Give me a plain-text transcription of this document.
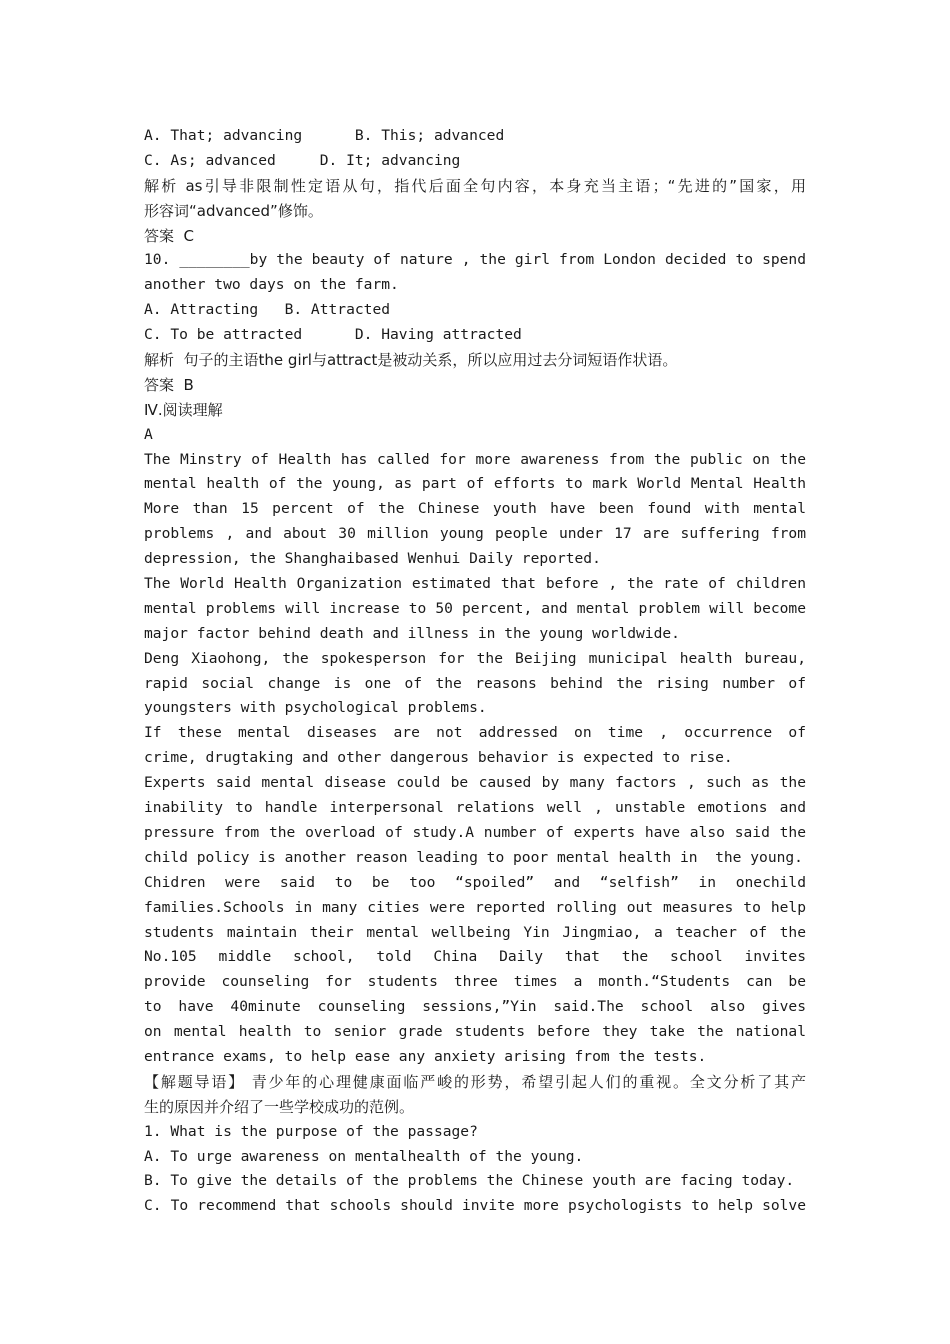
A. That; advancing      B. This; advanced
C. As; advanced     D. It; advancing
解析 as引导非限制性定语从句，指代后面全句内容，本身充当主语；“先进的”国家，用
形容词“advanced”修饰。
答案  C
10. ________by the beauty of nature , the girl from London decided to spend
another two days on the farm.
A. Attracting   B. Attracted
C. To be attracted      D. Having attracted
解析  句子的主语the girl与attract是被动关系，所以应用过去分词短语作状语。
答案  B
Ⅳ.阅读理解
A
The Minstry of Health has called for more awareness from the public on the
mental health of the young, as part of efforts to mark World Mental Health
More than 15 percent of the Chinese youth have been found with mental
problems , and about 30 million young people under 17 are suffering from
depression, the Shanghaibased Wenhui Daily reported.
The World Health Organization estimated that before , the rate of children
mental problems will increase to 50 percent, and mental problem will become
major factor behind death and illness in the young worldwide.
Deng Xiaohong, the spokesperson for the Beijing municipal health bureau,
rapid social change is one of the reasons behind the rising number of
youngsters with psychological problems.
If these mental diseases are not addressed on time , occurrence of
crime, drugtaking and other dangerous behavior is expected to rise.
Experts said mental disease could be caused by many factors , such as the
inability to handle interpersonal relations well , unstable emotions and
pressure from the overload of study.A number of experts have also said the
child policy is another reason leading to poor mental health in  the young.
Chidren were said to be too “spoiled” and “selfish” in onechild
families.Schools in many cities were reported rolling out measures to help
students maintain their mental wellbeing Yin Jingmiao, a teacher of the
No.105 middle school, told China Daily that the school invites
provide counseling for students three times a month.“Students can be
to have 40minute counseling sessions,”Yin said.The school also gives
on mental health to senior grade students before they take the national
entrance exams, to help ease any anxiety arising from the tests.
【解题导语】 青少年的心理健康面临严峻的形势，希望引起人们的重视。全文分析了其产
生的原因并介绍了一些学校成功的范例。
1. What is the purpose of the passage?
A. To urge awareness on mentalhealth of the young.
B. To give the details of the problems the Chinese youth are facing today.
C. To recommend that schools should invite more psychologists to help solve
